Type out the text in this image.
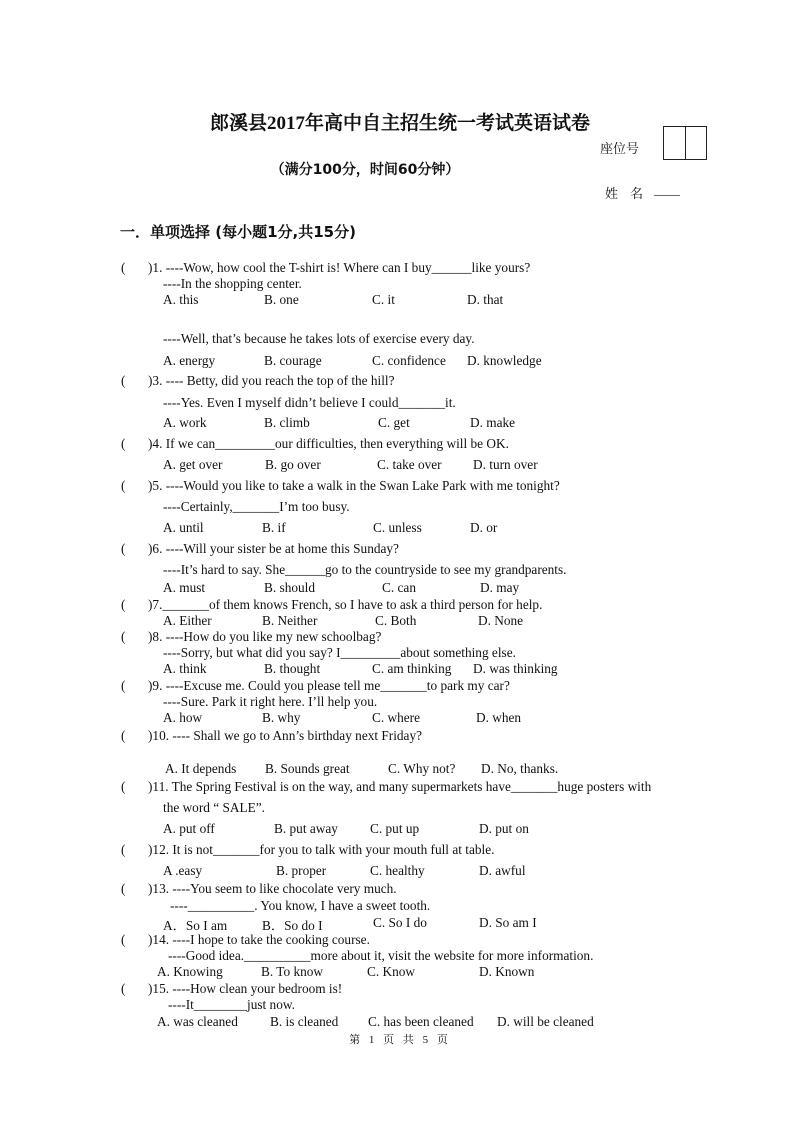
郎溪县2017年高中自主招生统一考试英语试卷
（满分100分，时间60分钟）
座位号
姓名
____
一．单项选择 (每小题1分,共15分)
( )1. ----Wow, how cool the T-shirt is! Where can I buy______like yours?
----In the shopping center.
A. this	B. one	C. it	D. that
----Well, that’s because he takes lots of exercise every day.
A. energy	B. courage	C. confidence D. knowledge
( )3. ---- Betty, did you reach the top of the hill?
----Yes. Even I myself didn’t believe I could_______it.
A. work	B. climb	C. get	D. make
( )4. If we can_________our difficulties, then everything will be OK.
A. get over	B. go over	C. take over D. turn over
( )5. ----Would you like to take a walk in the Swan Lake Park with me tonight?
----Certainly,_______I’m too busy.
A. until	B. if	C. unless	D. or
( )6. ----Will your sister be at home this Sunday?
----It’s hard to say. She______go to the countryside to see my grandparents.
A. must	B. should	C. can	D. may
( )7._______of them knows French, so I have to ask a third person for help.
A. Either	B. Neither	C. Both	D. None
( )8. ----How do you like my new schoolbag?
----Sorry, but what did you say? I_________about something else.
A. think	B. thought	C. am thinking D. was thinking
( )9. ----Excuse me. Could you please tell me_______to park my car?
----Sure. Park it right here. I’ll help you.
A. how	B. why	C. where	D. when
( )10. ---- Shall we go to Ann’s birthday next Friday?
A. It depends B. Sounds great	C. Why not? D. No, thanks.
( )11. The Spring Festival is on the way, and many supermarkets have_______huge posters with
the word “ SALE”.
A. put off	B. put away C. put up	D. put on
( )12. It is not_______for you to talk with your mouth full at table.
A .easy	B. proper	C. healthy	D. awful
( )13. ----You seem to like chocolate very much.
----__________. You know, I have a sweet tooth.
A．So I am	B．So do I	C. So I do	D. So am I
( )14. ----I hope to take the cooking course.
----Good idea.__________more about it, visit the website for more information.
A. Knowing	B. To know	C. Know	D. Known
( )15. ----How clean your bedroom is!
----It________just now.
A. was cleaned B. is cleaned C. has been cleaned D. will be cleaned
第 1 页 共 5 页
